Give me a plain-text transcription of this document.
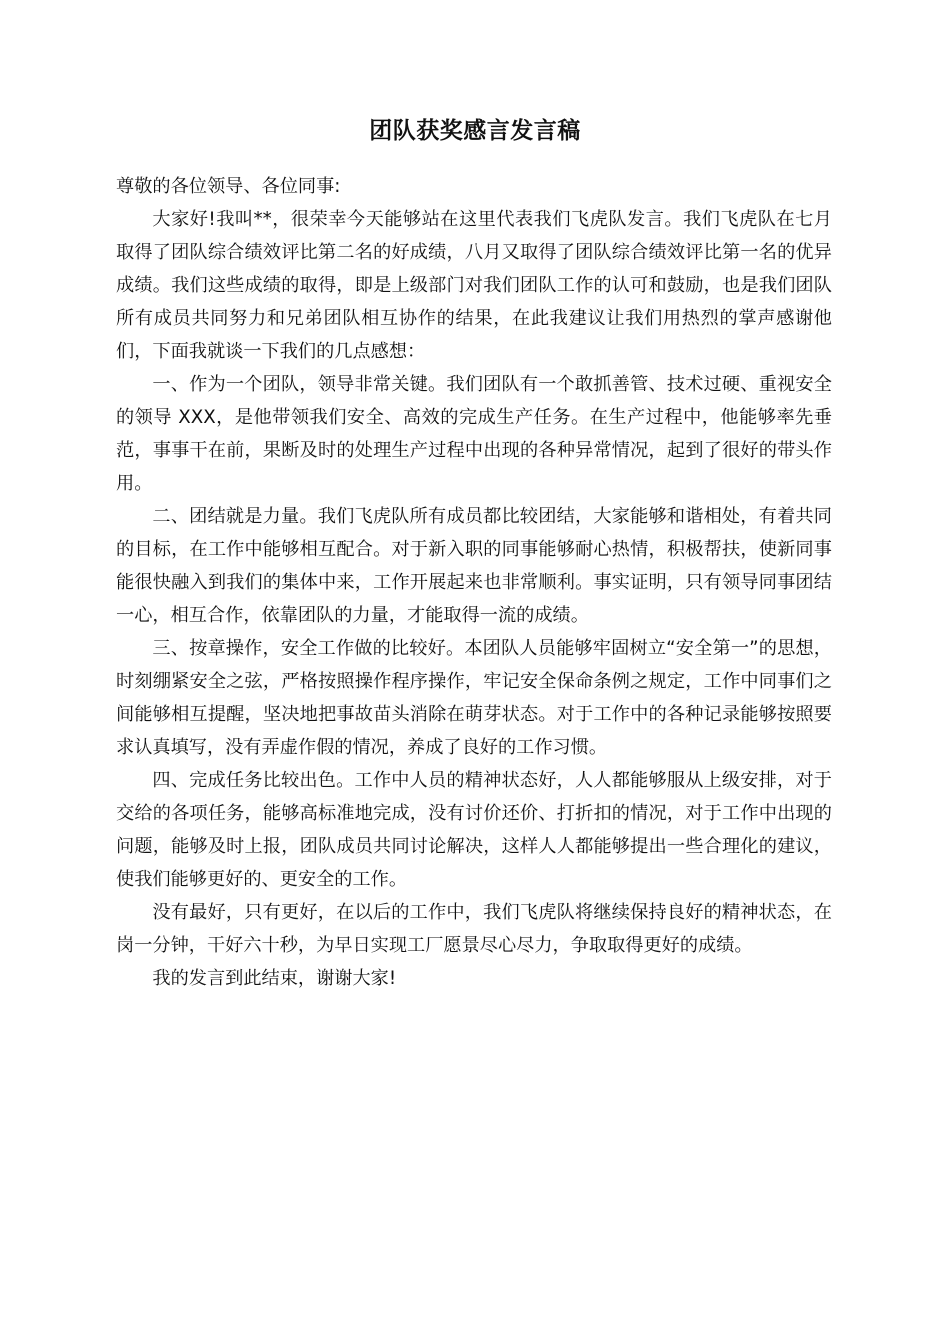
团队获奖感言发言稿

尊敬的各位领导、各位同事:

大家好!我叫**，很荣幸今天能够站在这里代表我们飞虎队发言。我们飞虎队在七月取得了团队综合绩效评比第二名的好成绩，八月又取得了团队综合绩效评比第一名的优异成绩。我们这些成绩的取得，即是上级部门对我们团队工作的认可和鼓励，也是我们团队所有成员共同努力和兄弟团队相互协作的结果，在此我建议让我们用热烈的掌声感谢他们，下面我就谈一下我们的几点感想：

一、作为一个团队，领导非常关键。我们团队有一个敢抓善管、技术过硬、重视安全的领导 XXX，是他带领我们安全、高效的完成生产任务。在生产过程中，他能够率先垂范，事事干在前，果断及时的处理生产过程中出现的各种异常情况，起到了很好的带头作用。

二、团结就是力量。我们飞虎队所有成员都比较团结，大家能够和谐相处，有着共同的目标，在工作中能够相互配合。对于新入职的同事能够耐心热情，积极帮扶，使新同事能很快融入到我们的集体中来，工作开展起来也非常顺利。事实证明，只有领导同事团结一心，相互合作，依靠团队的力量，才能取得一流的成绩。

三、按章操作，安全工作做的比较好。本团队人员能够牢固树立“安全第一”的思想，时刻绷紧安全之弦，严格按照操作程序操作，牢记安全保命条例之规定，工作中同事们之间能够相互提醒，坚决地把事故苗头消除在萌芽状态。对于工作中的各种记录能够按照要求认真填写，没有弄虚作假的情况，养成了良好的工作习惯。

四、完成任务比较出色。工作中人员的精神状态好，人人都能够服从上级安排，对于交给的各项任务，能够高标准地完成，没有讨价还价、打折扣的情况，对于工作中出现的问题，能够及时上报，团队成员共同讨论解决，这样人人都能够提出一些合理化的建议，使我们能够更好的、更安全的工作。

没有最好，只有更好，在以后的工作中，我们飞虎队将继续保持良好的精神状态，在岗一分钟，干好六十秒，为早日实现工厂愿景尽心尽力，争取取得更好的成绩。

我的发言到此结束，谢谢大家!
